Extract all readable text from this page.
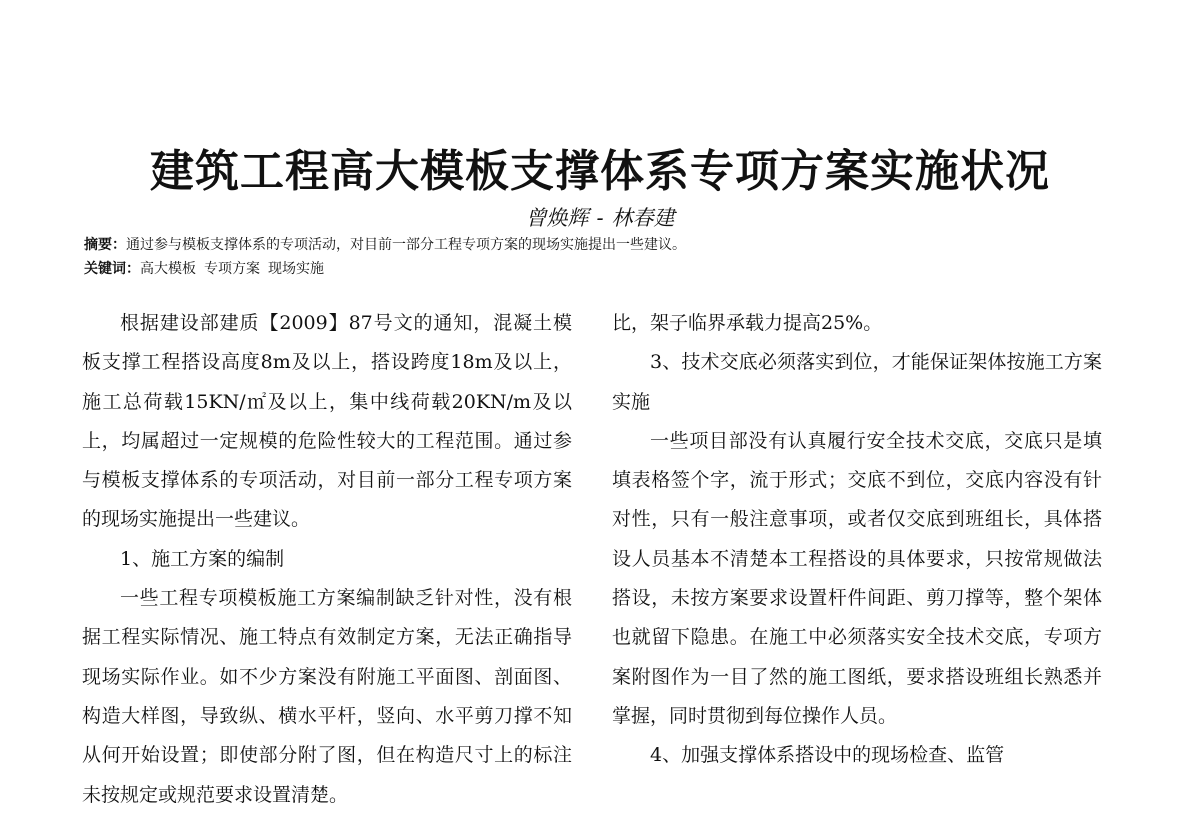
建筑工程高大模板支撑体系专项方案实施状况
曾焕辉 - 林春建
摘要：通过参与模板支撑体系的专项活动，对目前一部分工程专项方案的现场实施提出一些建议。
关键词：高大模板 专项方案 现场实施

根据建设部建质【2009】87号文的通知，混凝土模板支撑工程搭设高度8m及以上，搭设跨度18m及以上，施工总荷载15KN/㎡及以上，集中线荷载20KN/m及以上，均属超过一定规模的危险性较大的工程范围。通过参与模板支撑体系的专项活动，对目前一部分工程专项方案的现场实施提出一些建议。

1、施工方案的编制

一些工程专项模板施工方案编制缺乏针对性，没有根据工程实际情况、施工特点有效制定方案，无法正确指导现场实际作业。如不少方案没有附施工平面图、剖面图、构造大样图，导致纵、横水平杆，竖向、水平剪刀撑不知从何开始设置；即使部分附了图，但在构造尺寸上的标注未按规定或规范要求设置清楚。

比，架子临界承载力提高25%。

3、技术交底必须落实到位，才能保证架体按施工方案实施

一些项目部没有认真履行安全技术交底，交底只是填填表格签个字，流于形式；交底不到位，交底内容没有针对性，只有一般注意事项，或者仅交底到班组长，具体搭设人员基本不清楚本工程搭设的具体要求，只按常规做法搭设，未按方案要求设置杆件间距、剪刀撑等，整个架体也就留下隐患。在施工中必须落实安全技术交底，专项方案附图作为一目了然的施工图纸，要求搭设班组长熟悉并掌握，同时贯彻到每位操作人员。

4、加强支撑体系搭设中的现场检查、监管
